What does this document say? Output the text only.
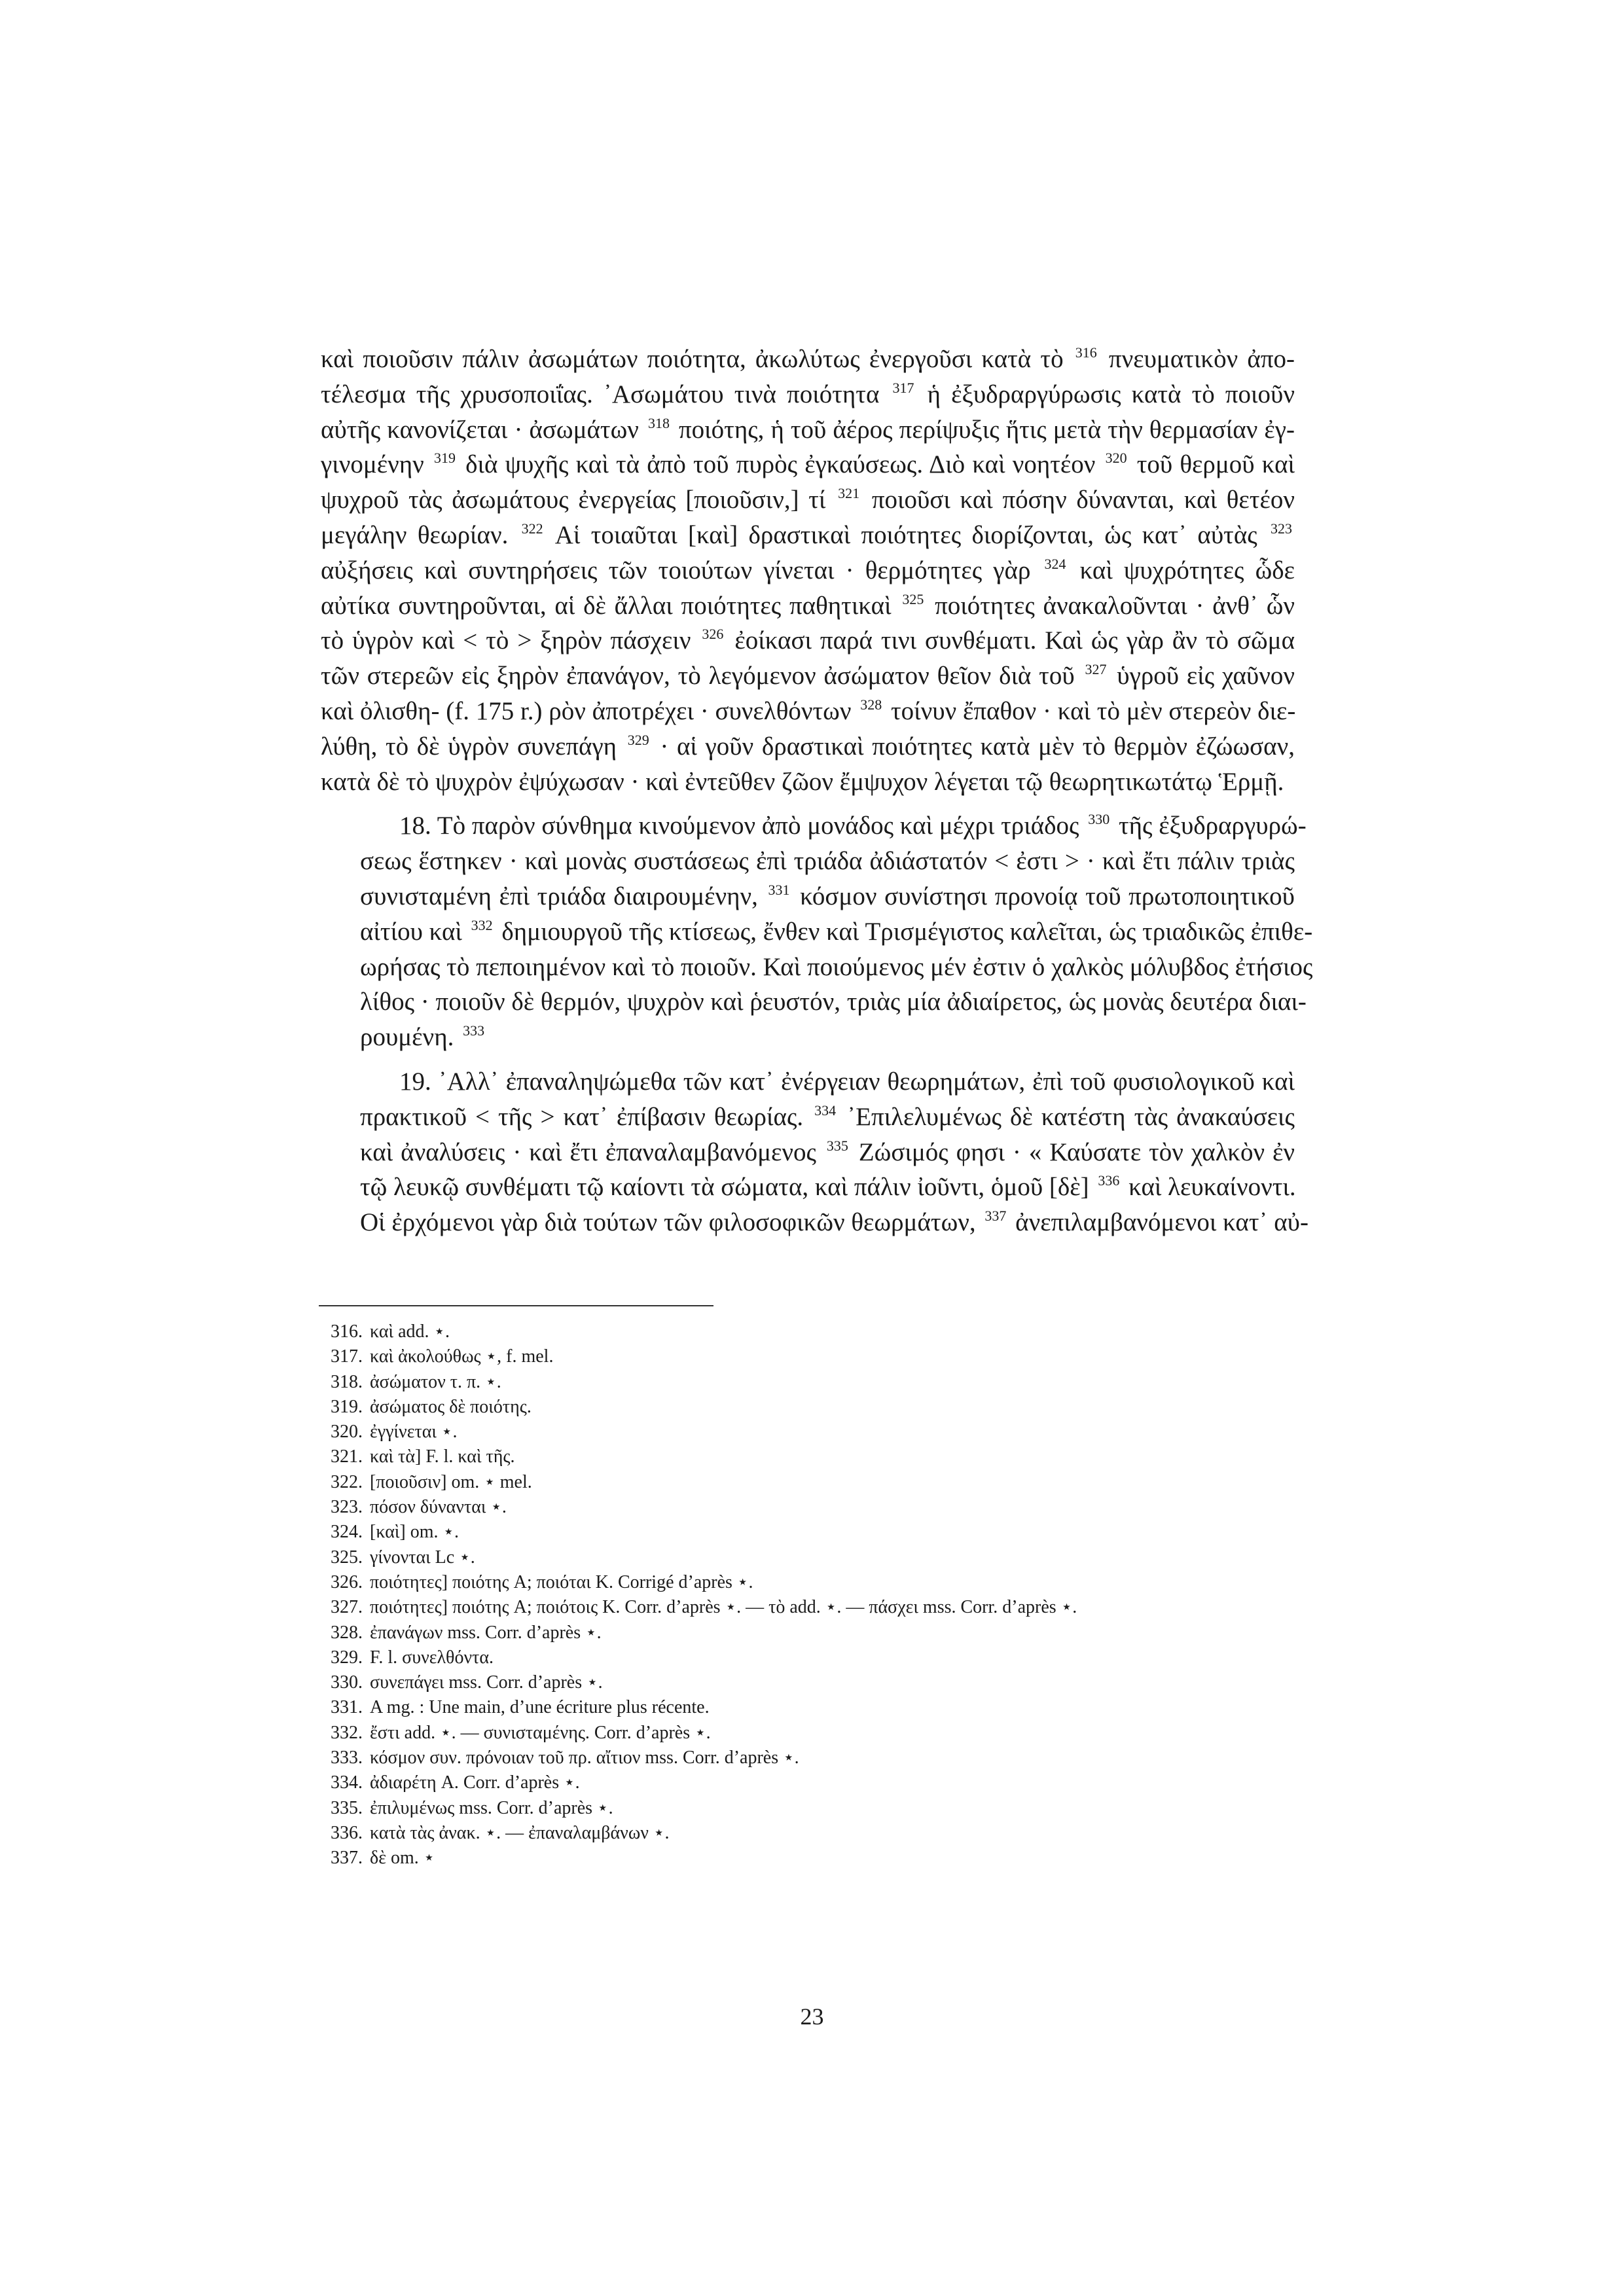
καὶ ποιοῦσιν πάλιν ἀσωμάτων ποιότητα, ἀκωλύτως ἐνεργοῦσι κατὰ τὸ $^{316}$ πνευματικὸν ἀπο-
τέλεσμα τῆς χρυσοποιΐας. ᾿Ασωμάτου τινὰ ποιότητα $^{317}$ ἡ ἐξυδραργύρωσις κατὰ τὸ ποιοῦν
αὐτῆς κανονίζεται · ἀσωμάτων $^{318}$ ποιότης, ἡ τοῦ ἀέρος περίψυξις ἥτις μετὰ τὴν θερμασίαν ἐγ-
γινομένην $^{319}$ διὰ ψυχῆς καὶ τὰ ἀπὸ τοῦ πυρὸς ἐγκαύσεως. Διὸ καὶ νοητέον $^{320}$ τοῦ θερμοῦ καὶ
ψυχροῦ τὰς ἀσωμάτους ἐνεργείας [ποιοῦσιν,] τί $^{321}$ ποιοῦσι καὶ πόσην δύνανται, καὶ θετέον
μεγάλην θεωρίαν. $^{322}$ Αἱ τοιαῦται [καὶ] δραστικαὶ ποιότητες διορίζονται, ὡς κατ᾿ αὐτὰς $^{323}$
αὐξήσεις καὶ συντηρήσεις τῶν τοιούτων γίνεται · θερμότητες γὰρ $^{324}$ καὶ ψυχρότητες ὧδε
αὐτίκα συντηροῦνται, αἱ δὲ ἄλλαι ποιότητες παθητικαὶ $^{325}$ ποιότητες ἀνακαλοῦνται · ἀνθ᾿ ὧν
τὸ ὑγρὸν καὶ < τὸ > ξηρὸν πάσχειν $^{326}$ ἐοίκασι παρά τινι συνθέματι. Καὶ ὡς γὰρ ἂν τὸ σῶμα
τῶν στερεῶν εἰς ξηρὸν ἐπανάγον, τὸ λεγόμενον ἀσώματον θεῖον διὰ τοῦ $^{327}$ ὑγροῦ εἰς χαῦνον
καὶ ὀλισθη- (f. 175 r.) ρὸν ἀποτρέχει · συνελθόντων $^{328}$ τοίνυν ἔπαθον · καὶ τὸ μὲν στερεὸν διε-
λύθη, τὸ δὲ ὑγρὸν συνεπάγη $^{329}$ · αἱ γοῦν δραστικαὶ ποιότητες κατὰ μὲν τὸ θερμὸν ἐζώωσαν,
κατὰ δὲ τὸ ψυχρὸν ἐψύχωσαν · καὶ ἐντεῦθεν ζῶον ἔμψυχον λέγεται τῷ θεωρητικωτάτῳ Ἑρμῇ.

18. Τὸ παρὸν σύνθημα κινούμενον ἀπὸ μονάδος καὶ μέχρι τριάδος $^{330}$ τῆς ἐξυδραργυρώ-
σεως ἕστηκεν · καὶ μονὰς συστάσεως ἐπὶ τριάδα ἀδιάστατόν < ἐστι > · καὶ ἔτι πάλιν τριὰς
συνισταμένη ἐπὶ τριάδα διαιρουμένην, $^{331}$ κόσμον συνίστησι προνοίᾳ τοῦ πρωτοποιητικοῦ
αἰτίου καὶ $^{332}$ δημιουργοῦ τῆς κτίσεως, ἔνθεν καὶ Τρισμέγιστος καλεῖται, ὡς τριαδικῶς ἐπιθε-
ωρήσας τὸ πεποιημένον καὶ τὸ ποιοῦν. Καὶ ποιούμενος μέν ἐστιν ὁ χαλκὸς μόλυβδος ἐτήσιος
λίθος · ποιοῦν δὲ θερμόν, ψυχρὸν καὶ ῥευστόν, τριὰς μία ἀδιαίρετος, ὡς μονὰς δευτέρα διαι-
ρουμένη. $^{333}$

19. ᾿Αλλ᾿ ἐπαναληψώμεθα τῶν κατ᾿ ἐνέργειαν θεωρημάτων, ἐπὶ τοῦ φυσιολογικοῦ καὶ
πρακτικοῦ < τῆς > κατ᾿ ἐπίβασιν θεωρίας. $^{334}$ ᾿Επιλελυμένως δὲ κατέστη τὰς ἀνακαύσεις
καὶ ἀναλύσεις · καὶ ἔτι ἐπαναλαμβανόμενος $^{335}$ Ζώσιμός φησι · « Καύσατε τὸν χαλκὸν ἐν
τῷ λευκῷ συνθέματι τῷ καίοντι τὰ σώματα, καὶ πάλιν ἰοῦντι, ὁμοῦ [δὲ] $^{336}$ καὶ λευκαίνοντι.
Οἱ ἐρχόμενοι γὰρ διὰ τούτων τῶν φιλοσοφικῶν θεωρμάτων, $^{337}$ ἀνεπιλαμβανόμενοι κατ᾿ αὐ-

316. καὶ add. ⋆.
317. καὶ ἀκολούθως ⋆, f. mel.
318. ἀσώματον τ. π. ⋆.
319. ἀσώματος δὲ ποιότης.
320. ἐγγίνεται ⋆.
321. καὶ τὰ] F. l. καὶ τῆς.
322. [ποιοῦσιν] om. ⋆ mel.
323. πόσον δύνανται ⋆.
324. [καὶ] om. ⋆.
325. γίνονται Lc ⋆.
326. ποιότητες] ποιότης A; ποιόται K. Corrigé d’après ⋆.
327. ποιότητες] ποιότης A; ποιότοις K. Corr. d’après ⋆. — τὸ add. ⋆. — πάσχει mss. Corr. d’après ⋆.
328. ἐπανάγων mss. Corr. d’après ⋆.
329. F. l. συνελθόντα.
330. συνεπάγει mss. Corr. d’après ⋆.
331. A mg. : Une main, d’une écriture plus récente.
332. ἔστι add. ⋆. — συνισταμένης. Corr. d’après ⋆.
333. κόσμον συν. πρόνοιαν τοῦ πρ. αἴτιον mss. Corr. d’après ⋆.
334. ἀδιαρέτη A. Corr. d’après ⋆.
335. ἐπιλυμένως mss. Corr. d’après ⋆.
336. κατὰ τὰς ἀνακ. ⋆. — ἐπαναλαμβάνων ⋆.
337. δὲ om. ⋆
23
